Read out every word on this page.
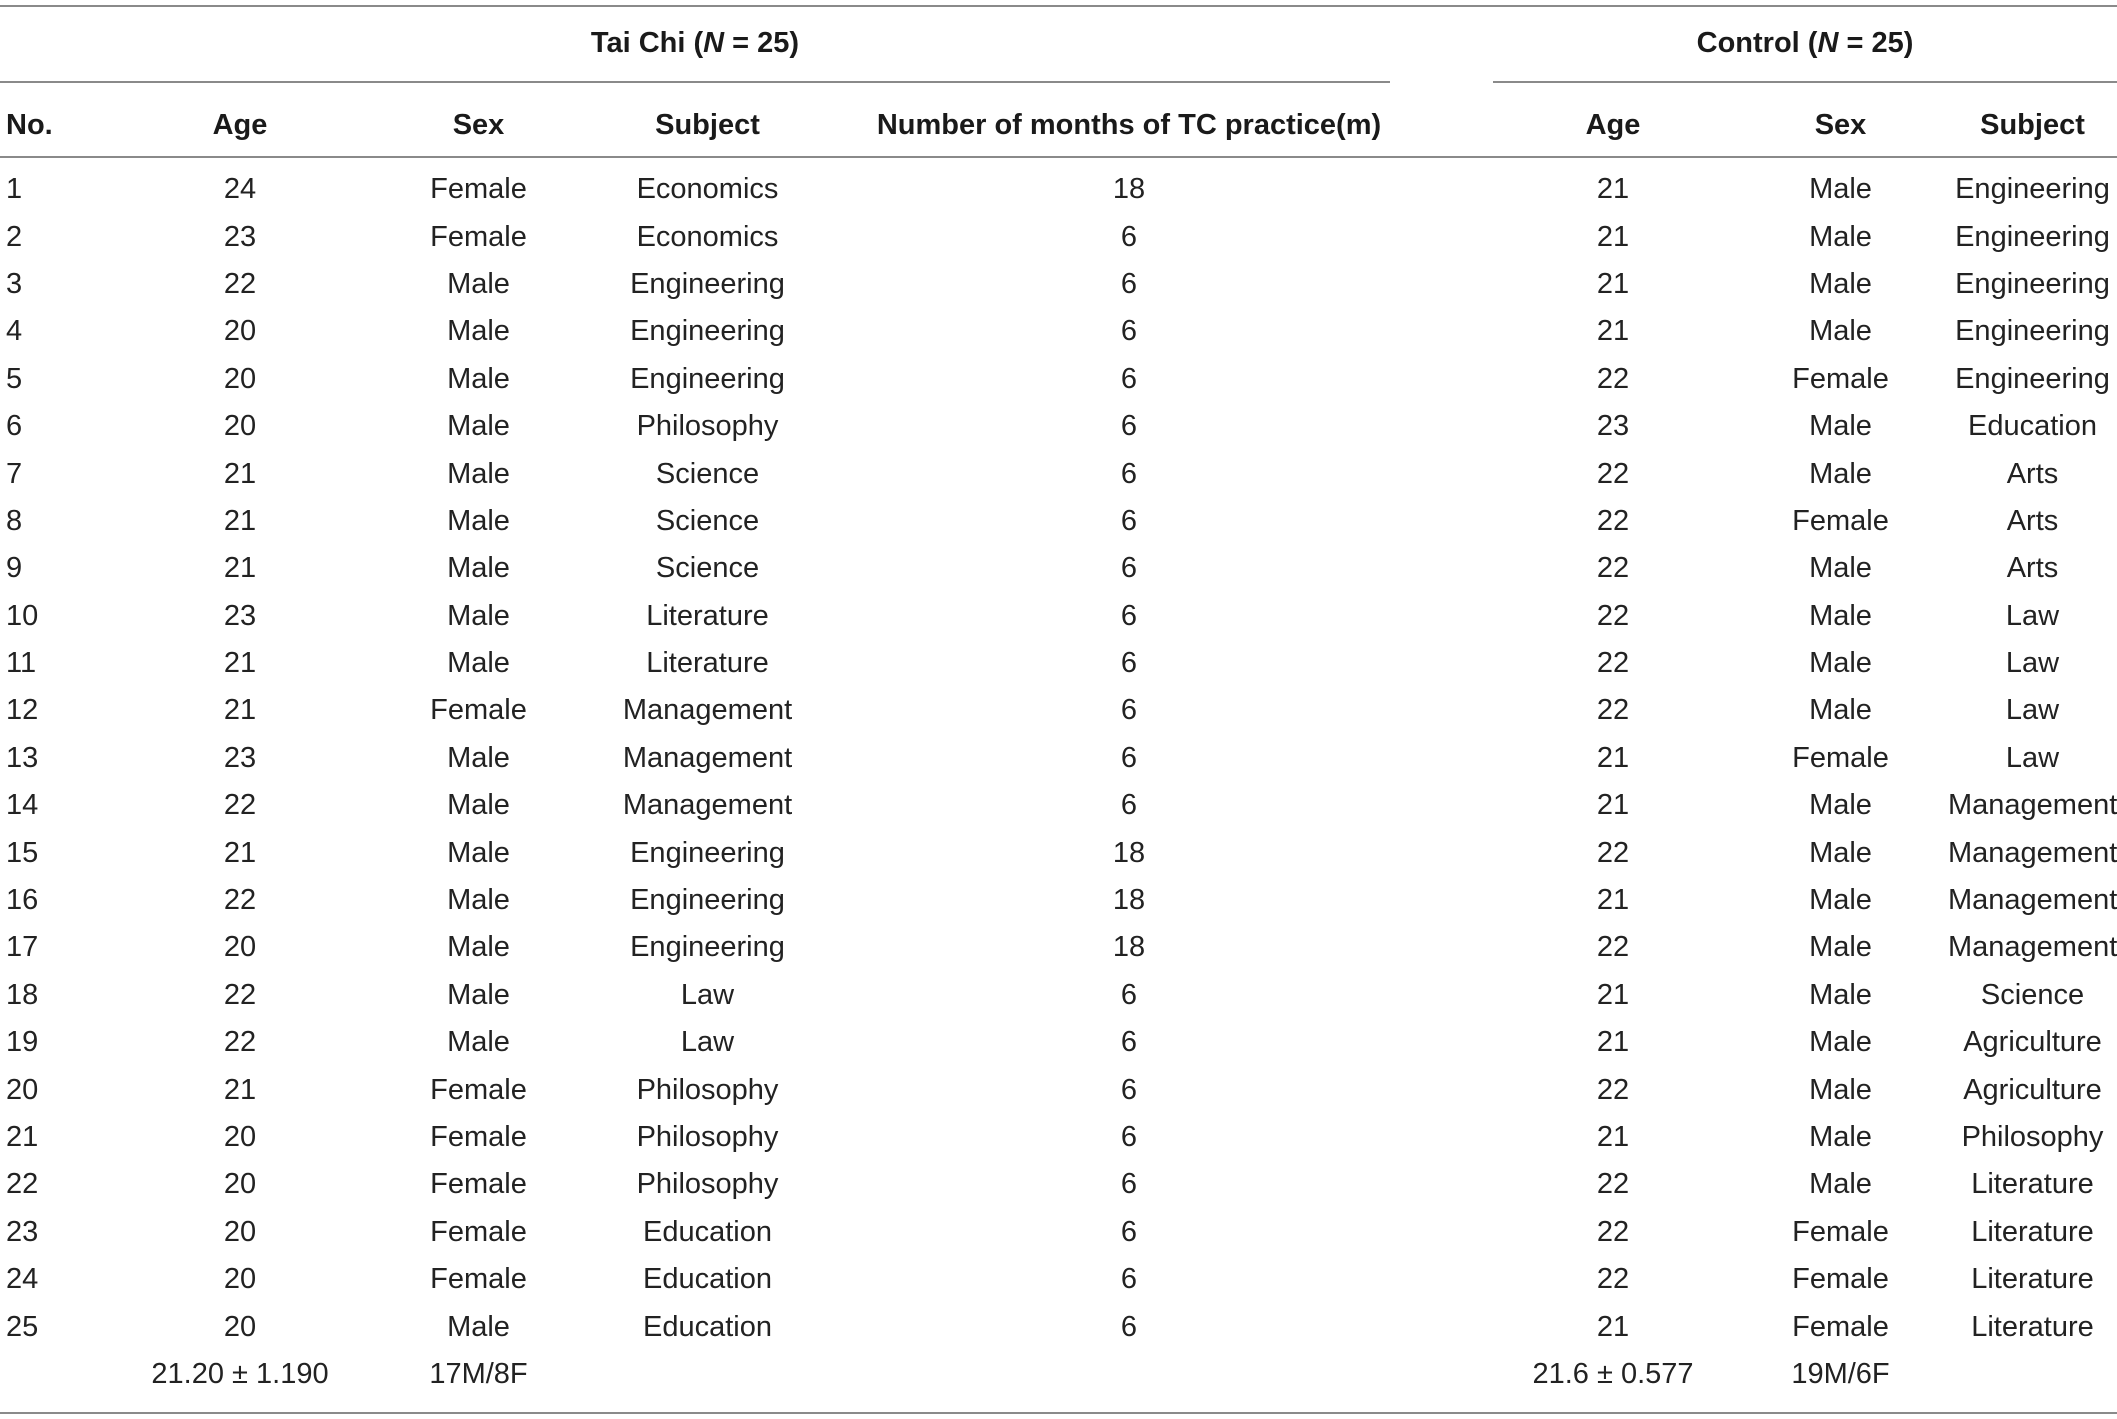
Tai Chi (N = 25)	Control (N = 25)
No.	Age	Sex	Subject	Number of months of TC practice(m)		Age	Sex	Subject
1	24	Female	Economics	18		21	Male	Engineering
2	23	Female	Economics	6		21	Male	Engineering
3	22	Male	Engineering	6		21	Male	Engineering
4	20	Male	Engineering	6		21	Male	Engineering
5	20	Male	Engineering	6		22	Female	Engineering
6	20	Male	Philosophy	6		23	Male	Education
7	21	Male	Science	6		22	Male	Arts
8	21	Male	Science	6		22	Female	Arts
9	21	Male	Science	6		22	Male	Arts
10	23	Male	Literature	6		22	Male	Law
11	21	Male	Literature	6		22	Male	Law
12	21	Female	Management	6		22	Male	Law
13	23	Male	Management	6		21	Female	Law
14	22	Male	Management	6		21	Male	Management
15	21	Male	Engineering	18		22	Male	Management
16	22	Male	Engineering	18		21	Male	Management
17	20	Male	Engineering	18		22	Male	Management
18	22	Male	Law	6		21	Male	Science
19	22	Male	Law	6		21	Male	Agriculture
20	21	Female	Philosophy	6		22	Male	Agriculture
21	20	Female	Philosophy	6		21	Male	Philosophy
22	20	Female	Philosophy	6		22	Male	Literature
23	20	Female	Education	6		22	Female	Literature
24	20	Female	Education	6		22	Female	Literature
25	20	Male	Education	6		21	Female	Literature
	21.20 ± 1.190	17M/8F				21.6 ± 0.577	19M/6F	
